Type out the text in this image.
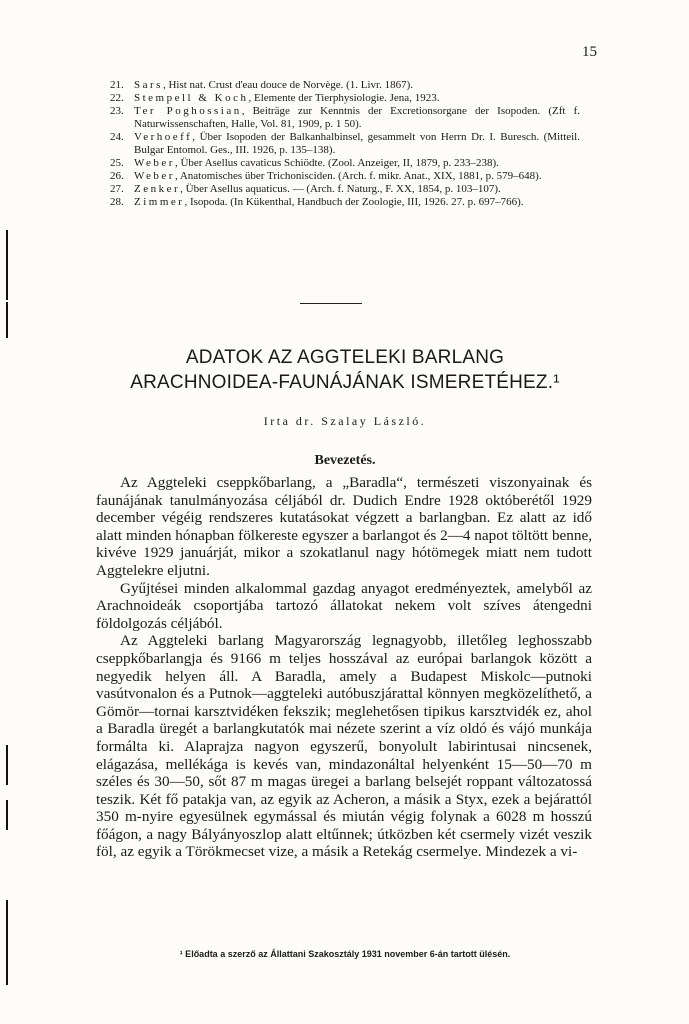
15
21. Sars, Hist nat. Crust d'eau douce de Norvège. (1. Livr. 1867).
22. Stempell & Koch, Elemente der Tierphysiologie. Jena, 1923.
23. Ter Poghossian, Beiträge zur Kenntnis der Excretionsorgane der Isopoden. (Zft f. Naturwissenschaften, Halle, Vol. 81, 1909, p. 1 50).
24. Verhoeff, Über Isopoden der Balkanhalbinsel, gesammelt von Herrn Dr. I. Buresch. (Mitteil. Bulgar Entomol. Ges., III. 1926, p. 135–138).
25. Weber, Über Asellus cavaticus Schiödte. (Zool. Anzeiger, II, 1879, p. 233–238).
26. Weber, Anatomisches über Trichonisciden. (Arch. f. mikr. Anat., XIX, 1881, p. 579–648).
27. Zenker, Über Asellus aquaticus. — (Arch. f. Naturg., F. XX, 1854, p. 103–107).
28. Zimmer, Isopoda. (In Kükenthal, Handbuch der Zoologie, III, 1926. 27. p. 697–766).
ADATOK AZ AGGTELEKI BARLANG
ARACHNOIDEA-FAUNÁJÁNAK ISMERETÉHEZ.¹
Irta dr. Szalay László.
Bevezetés.

Az Aggteleki cseppkőbarlang, a „Baradla“, természeti viszonyainak és faunájának tanulmányozása céljából dr. Dudich Endre 1928 októberétől 1929 december végéig rendszeres kutatásokat végzett a barlangban. Ez alatt az idő alatt minden hónapban fölkereste egyszer a barlangot és 2—4 napot töltött benne, kivéve 1929 januárját, mikor a szokatlanul nagy hótömegek miatt nem tudott Aggtelekre eljutni.

Gyűjtései minden alkalommal gazdag anyagot eredményeztek, amelyből az Arachnoideák csoportjába tartozó állatokat nekem volt szíves átengedni földolgozás céljából.

Az Aggteleki barlang Magyarország legnagyobb, illetőleg leghosszabb cseppkőbarlangja és 9166 m teljes hosszával az európai barlangok között a negyedik helyen áll. A Baradla, amely a Budapest Miskolc—putnoki vasútvonalon és a Putnok—aggteleki autóbuszjárattal könnyen megközelíthető, a Gömör—tornai karsztvidéken fekszik; meglehetősen tipikus karsztvidék ez, ahol a Baradla üregét a barlangkutatók mai nézete szerint a víz oldó és vájó munkája formálta ki. Alaprajza nagyon egyszerű, bonyolult labirintusai nincsenek, elágazása, mellékága is kevés van, mindazonáltal helyenként 15—50—70 m széles és 30—50, sőt 87 m magas üregei a barlang belsejét roppant változatossá teszik. Két fő patakja van, az egyik az Acheron, a másik a Styx, ezek a bejárattól 350 m-nyire egyesülnek egymással és miután végig folynak a 6028 m hosszú főágon, a nagy Bályányoszlop alatt eltűnnek; útközben két csermely vizét veszik föl, az egyik a Törökmecset vize, a másik a Retekág csermelye. Mindezek a vi-

¹ Előadta a szerző az Állattani Szakosztály 1931 november 6-án tartott ülésén.
